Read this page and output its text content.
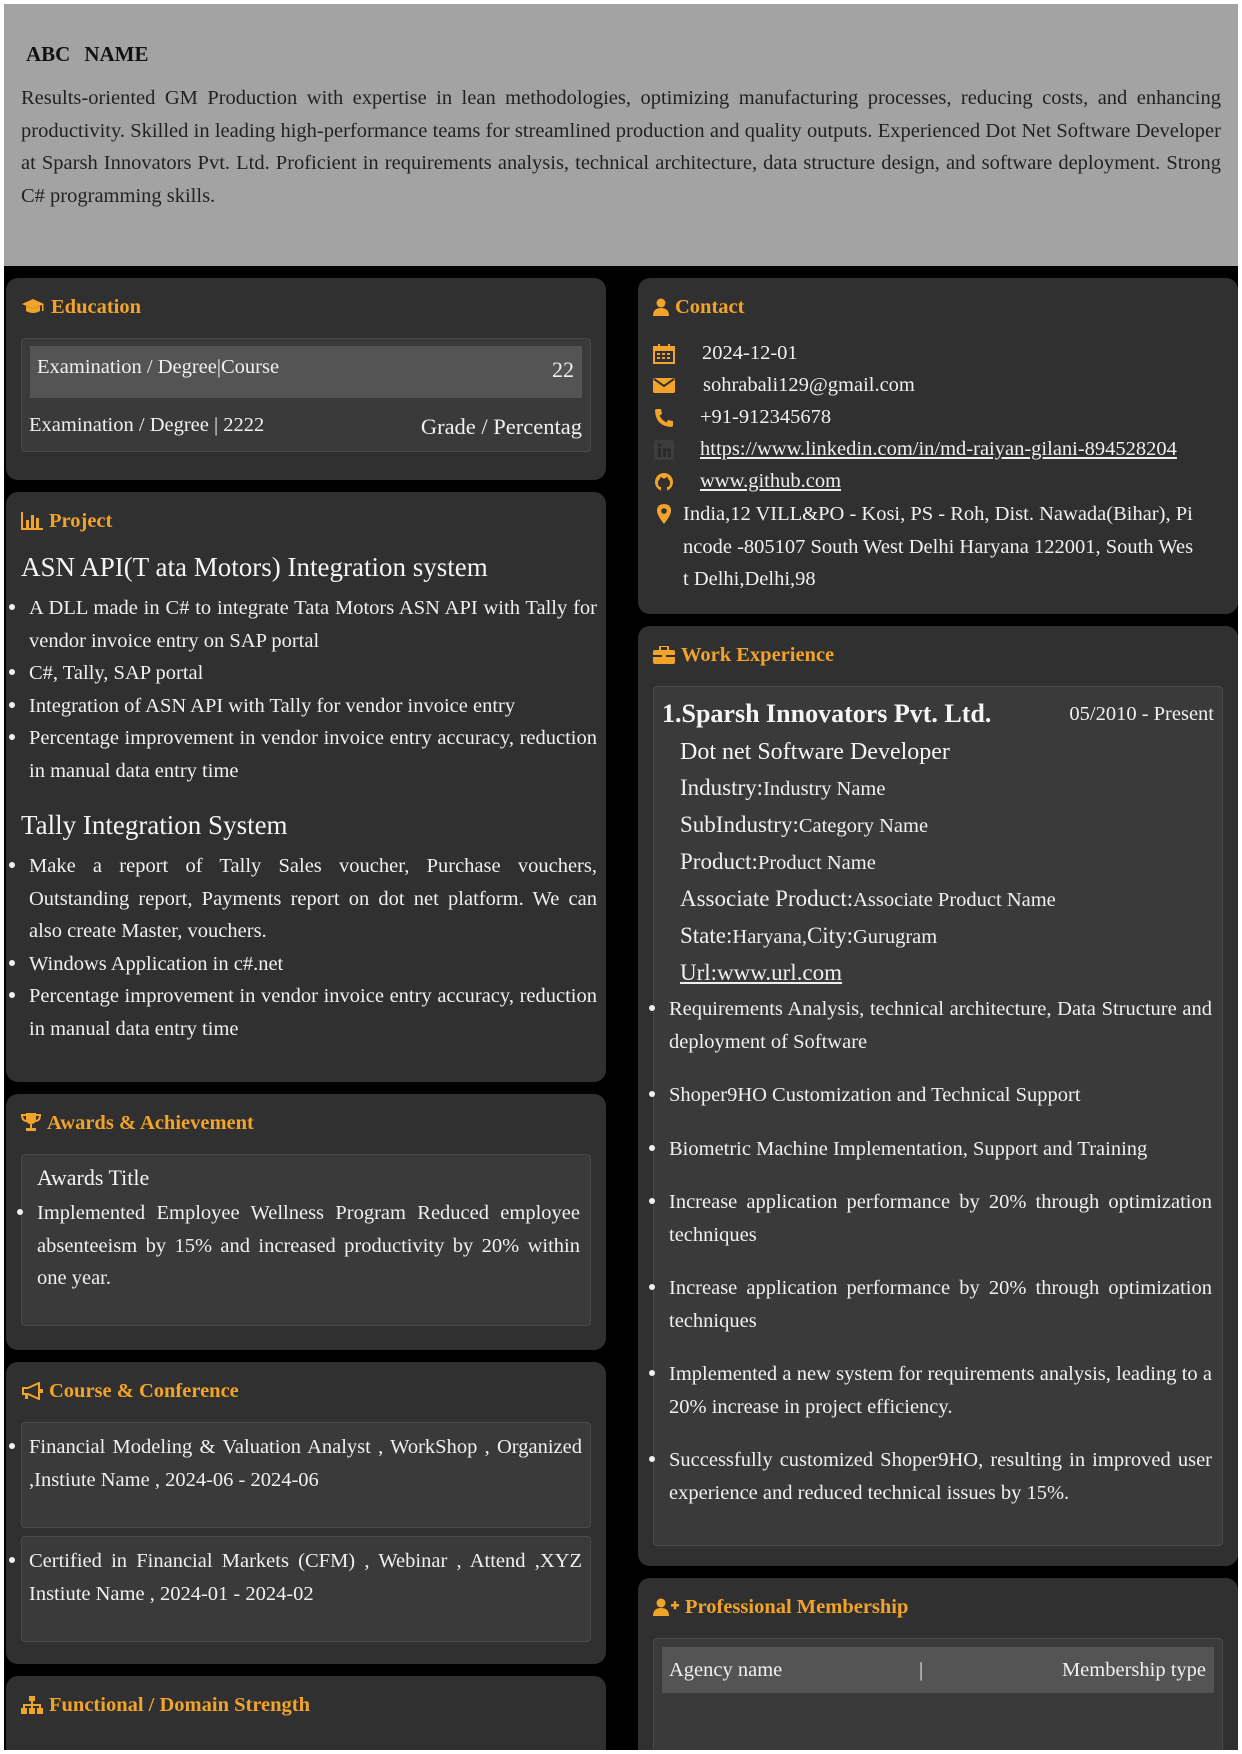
ABC NAME
Results-oriented GM Production with expertise in lean methodologies, optimizing manufacturing processes, reducing costs, and enhancing productivity. Skilled in leading high-performance teams for streamlined production and quality outputs. Experienced Dot Net Software Developer at Sparsh Innovators Pvt. Ltd. Proficient in requirements analysis, technical architecture, data structure design, and software deployment. Strong C# programming skills.
Education
Examination / Degree|Course	22
Examination / Degree | 2222	Grade / Percentag
Project
ASN API(T ata Motors) Integration system
A DLL made in C# to integrate Tata Motors ASN API with Tally for vendor invoice entry on SAP portal
C#, Tally, SAP portal
Integration of ASN API with Tally for vendor invoice entry
Percentage improvement in vendor invoice entry accuracy, reduction in manual data entry time
Tally Integration System
Make a report of Tally Sales voucher, Purchase vouchers, Outstanding report, Payments report on dot net platform. We can also create Master, vouchers.
Windows Application in c#.net
Percentage improvement in vendor invoice entry accuracy, reduction in manual data entry time
Awards & Achievement
Awards Title
Implemented Employee Wellness Program Reduced employee absenteeism by 15% and increased productivity by 20% within one year.
Course & Conference
Financial Modeling & Valuation Analyst , WorkShop , Organized ,Instiute Name , 2024-06 - 2024-06
Certified in Financial Markets (CFM) , Webinar , Attend ,XYZ Instiute Name , 2024-01 - 2024-02
Functional / Domain Strength
Contact
2024-12-01
sohrabali129@gmail.com
+91-912345678
https://www.linkedin.com/in/md-raiyan-gilani-894528204
www.github.com
India,12 VILL&PO - Kosi, PS - Roh, Dist. Nawada(Bihar), Pi
ncode -805107 South West Delhi Haryana 122001, South Wes
t Delhi,Delhi,98
Work Experience
1.Sparsh Innovators Pvt. Ltd.	05/2010 - Present
Dot net Software Developer
Industry:Industry Name
SubIndustry:Category Name
Product:Product Name
Associate Product:Associate Product Name
State:Haryana,City:Gurugram
Url:www.url.com
Requirements Analysis, technical architecture, Data Structure and deployment of Software
Shoper9HO Customization and Technical Support
Biometric Machine Implementation, Support and Training
Increase application performance by 20% through optimization techniques
Increase application performance by 20% through optimization techniques
Implemented a new system for requirements analysis, leading to a 20% increase in project efficiency.
Successfully customized Shoper9HO, resulting in improved user experience and reduced technical issues by 15%.
Professional Membership
Agency name	|	Membership type
